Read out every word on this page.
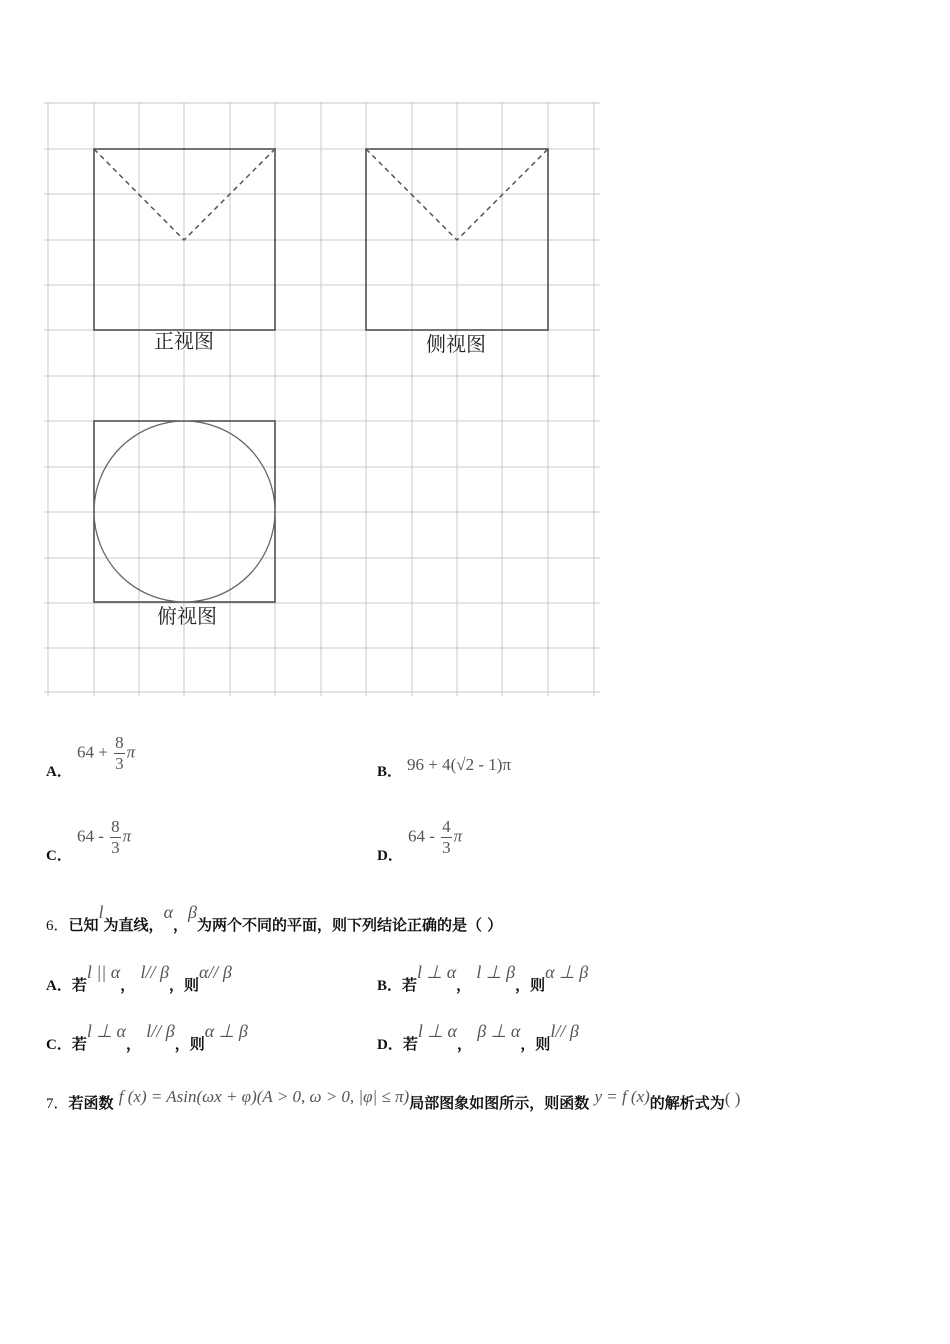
正视图	侧视图
俯视图
A．
$64 + \frac{8}{3}$ π
B． 96 + 4(√2 - 1)π
C．
$64 - \frac{8}{3}$ π
D．
$64 - \frac{4}{3}$ π
6．已知l为直线，α，β为两个不同的平面，则下列结论正确的是（ ）
A．若l || α， l// β，则α// β
B．若l ⊥ α， l ⊥ β，则α ⊥ β
C．若l ⊥ α， l// β，则α ⊥ β
D．若l ⊥ α， β ⊥ α，则l// β
7．若函数 f (x) = Asin(ωx + φ)(A > 0, ω > 0, |φ| ≤ π)局部图象如图所示，则函数 y = f (x)的解析式为( )
